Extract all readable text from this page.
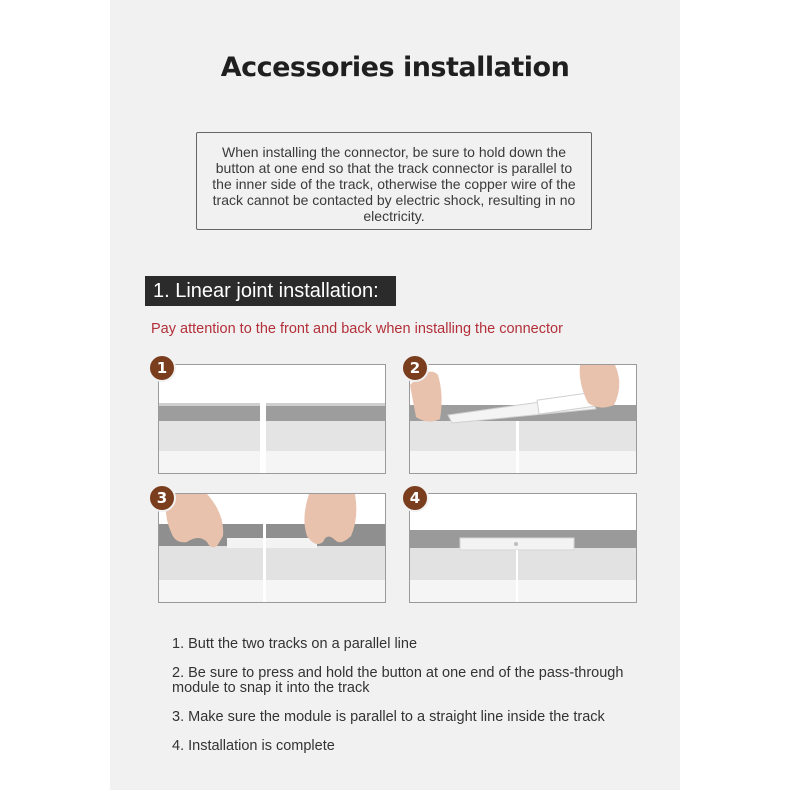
Accessories installation
When installing the connector, be sure to hold down the button at one end so that the track connector is parallel to the inner side of the track, otherwise the copper wire of the track cannot be contacted by electric shock, resulting in no electricity.
1. Linear joint installation:
Pay attention to the front and back when installing the connector
1	2
3	4
1. Butt the two tracks on a parallel line
2. Be sure to press and hold the button at one end of the pass-through module to snap it into the track
3. Make sure the module is parallel to a straight line inside the track
4. Installation is complete
